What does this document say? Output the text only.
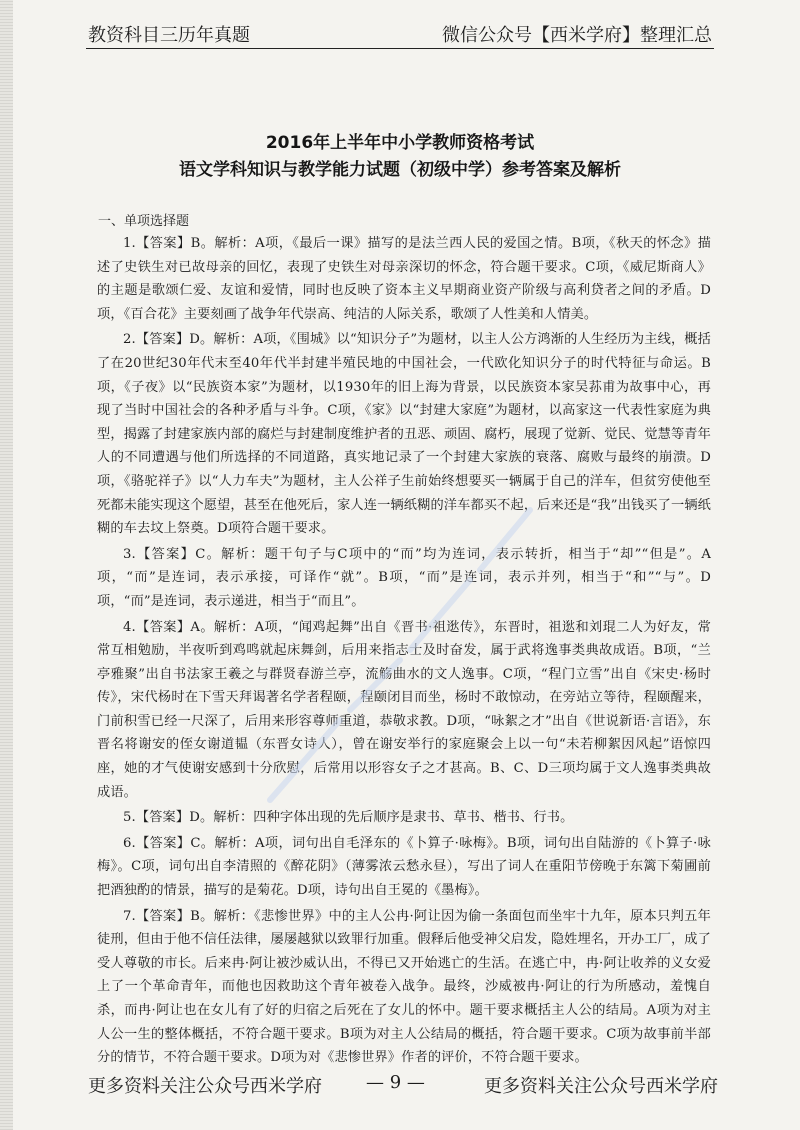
教资科目三历年真题	微信公众号【西米学府】整理汇总
2016年上半年中小学教师资格考试
语文学科知识与教学能力试题（初级中学）参考答案及解析
一、单项选择题

1.【答案】B。解析：A项，《最后一课》描写的是法兰西人民的爱国之情。B项，《秋天的怀念》描述了史铁生对已故母亲的回忆，表现了史铁生对母亲深切的怀念，符合题干要求。C项，《威尼斯商人》的主题是歌颂仁爱、友谊和爱情，同时也反映了资本主义早期商业资产阶级与高利贷者之间的矛盾。D项，《百合花》主要刻画了战争年代崇高、纯洁的人际关系，歌颂了人性美和人情美。

2.【答案】D。解析：A项，《围城》以“知识分子”为题材，以主人公方鸿渐的人生经历为主线，概括了在20世纪30年代末至40年代半封建半殖民地的中国社会，一代欧化知识分子的时代特征与命运。B项，《子夜》以“民族资本家”为题材，以1930年的旧上海为背景，以民族资本家吴荪甫为故事中心，再现了当时中国社会的各种矛盾与斗争。C项，《家》以“封建大家庭”为题材，以高家这一代表性家庭为典型，揭露了封建家族内部的腐烂与封建制度维护者的丑恶、顽固、腐朽，展现了觉新、觉民、觉慧等青年人的不同遭遇与他们所选择的不同道路，真实地记录了一个封建大家族的衰落、腐败与最终的崩溃。D项，《骆驼祥子》以“人力车夫”为题材，主人公祥子生前始终想要买一辆属于自己的洋车，但贫穷使他至死都未能实现这个愿望，甚至在他死后，家人连一辆纸糊的洋车都买不起，后来还是“我”出钱买了一辆纸糊的车去坟上祭奠。D项符合题干要求。

3.【答案】C。解析：题干句子与C项中的“而”均为连词，表示转折，相当于“却”“但是”。A项，“而”是连词，表示承接，可译作“就”。B项，“而”是连词，表示并列，相当于“和”“与”。D项，“而”是连词，表示递进，相当于“而且”。

4.【答案】A。解析：A项，“闻鸡起舞”出自《晋书·祖逖传》，东晋时，祖逖和刘琨二人为好友，常常互相勉励，半夜听到鸡鸣就起床舞剑，后用来指志士及时奋发，属于武将逸事类典故成语。B项，“兰亭雅聚”出自书法家王羲之与群贤春游兰亭，流觞曲水的文人逸事。C项，“程门立雪”出自《宋史·杨时传》，宋代杨时在下雪天拜谒著名学者程颐，程颐闭目而坐，杨时不敢惊动，在旁站立等待，程颐醒来，门前积雪已经一尺深了，后用来形容尊师重道，恭敬求教。D项，“咏絮之才”出自《世说新语·言语》，东晋名将谢安的侄女谢道韫（东晋女诗人），曾在谢安举行的家庭聚会上以一句“未若柳絮因风起”语惊四座，她的才气使谢安感到十分欣慰，后常用以形容女子之才甚高。B、C、D三项均属于文人逸事类典故成语。

5.【答案】D。解析：四种字体出现的先后顺序是隶书、草书、楷书、行书。

6.【答案】C。解析：A项，词句出自毛泽东的《卜算子·咏梅》。B项，词句出自陆游的《卜算子·咏梅》。C项，词句出自李清照的《醉花阴》（薄雾浓云愁永昼），写出了词人在重阳节傍晚于东篱下菊圃前把酒独酌的情景，描写的是菊花。D项，诗句出自王冕的《墨梅》。

7.【答案】B。解析：《悲惨世界》中的主人公冉·阿让因为偷一条面包而坐牢十九年，原本只判五年徒刑，但由于他不信任法律，屡屡越狱以致罪行加重。假释后他受神父启发，隐姓埋名，开办工厂，成了受人尊敬的市长。后来冉·阿让被沙威认出，不得已又开始逃亡的生活。在逃亡中，冉·阿让收养的义女爱上了一个革命青年，而他也因救助这个青年被卷入战争。最终，沙威被冉·阿让的行为所感动，羞愧自杀，而冉·阿让也在女儿有了好的归宿之后死在了女儿的怀中。题干要求概括主人公的结局。A项为对主人公一生的整体概括，不符合题干要求。B项为对主人公结局的概括，符合题干要求。C项为故事前半部分的情节，不符合题干要求。D项为对《悲惨世界》作者的评价，不符合题干要求。

更多资料关注公众号西米学府 — 9 —	更多资料关注公众号西米学府
